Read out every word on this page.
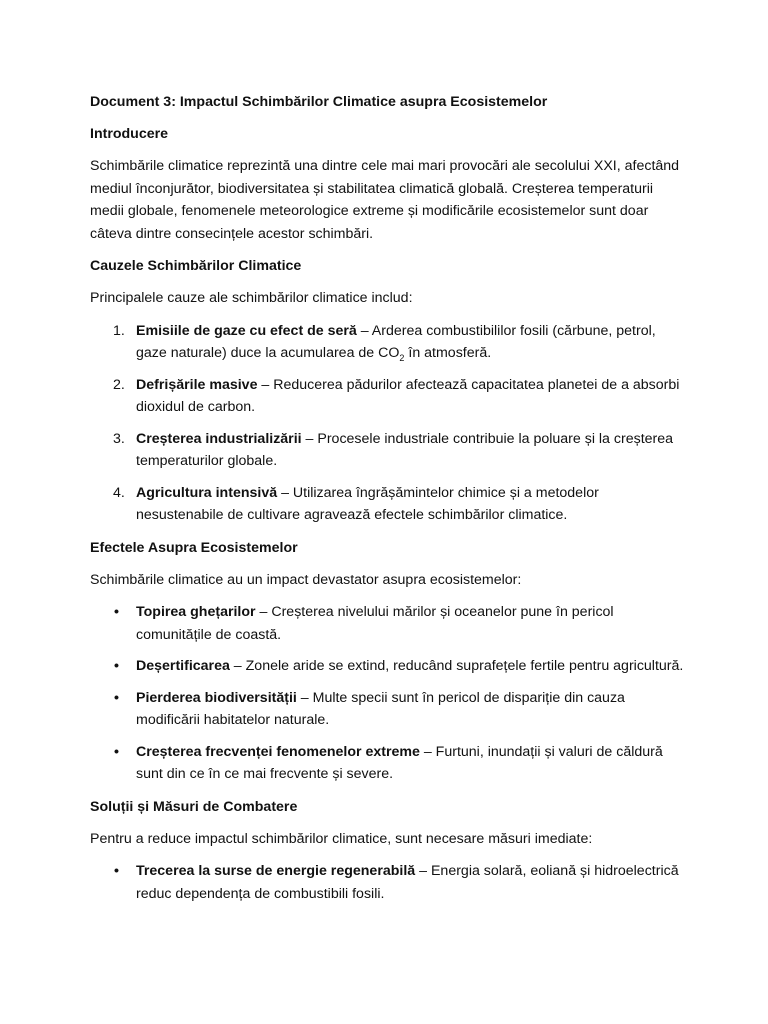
Document 3: Impactul Schimbărilor Climatice asupra Ecosistemelor
Introducere

Schimbările climatice reprezintă una dintre cele mai mari provocări ale secolului XXI, afectând mediul înconjurător, biodiversitatea și stabilitatea climatică globală. Creșterea temperaturii medii globale, fenomenele meteorologice extreme și modificările ecosistemelor sunt doar câteva dintre consecințele acestor schimbări.

Cauzele Schimbărilor Climatice

Principalele cauze ale schimbărilor climatice includ:

1. Emisiile de gaze cu efect de seră – Arderea combustibililor fosili (cărbune, petrol, gaze naturale) duce la acumularea de $CO_2$ în atmosferă.
2. Defrișările masive – Reducerea pădurilor afectează capacitatea planetei de a absorbi dioxidul de carbon.
3. Creșterea industrializării – Procesele industriale contribuie la poluare și la creșterea temperaturilor globale.
4. Agricultura intensivă – Utilizarea îngrășămintelor chimice și a metodelor nesustenabile de cultivare agravează efectele schimbărilor climatice.
Efectele Asupra Ecosistemelor

Schimbările climatice au un impact devastator asupra ecosistemelor:

• Topirea ghețarilor – Creșterea nivelului mărilor și oceanelor pune în pericol comunitățile de coastă.
• Deșertificarea – Zonele aride se extind, reducând suprafețele fertile pentru agricultură.
• Pierderea biodiversității – Multe specii sunt în pericol de dispariție din cauza modificării habitatelor naturale.
• Creșterea frecvenței fenomenelor extreme – Furtuni, inundații și valuri de căldură sunt din ce în ce mai frecvente și severe.
Soluții și Măsuri de Combatere

Pentru a reduce impactul schimbărilor climatice, sunt necesare măsuri imediate:

• Trecerea la surse de energie regenerabilă – Energia solară, eoliană și hidroelectrică reduc dependența de combustibili fosili.
